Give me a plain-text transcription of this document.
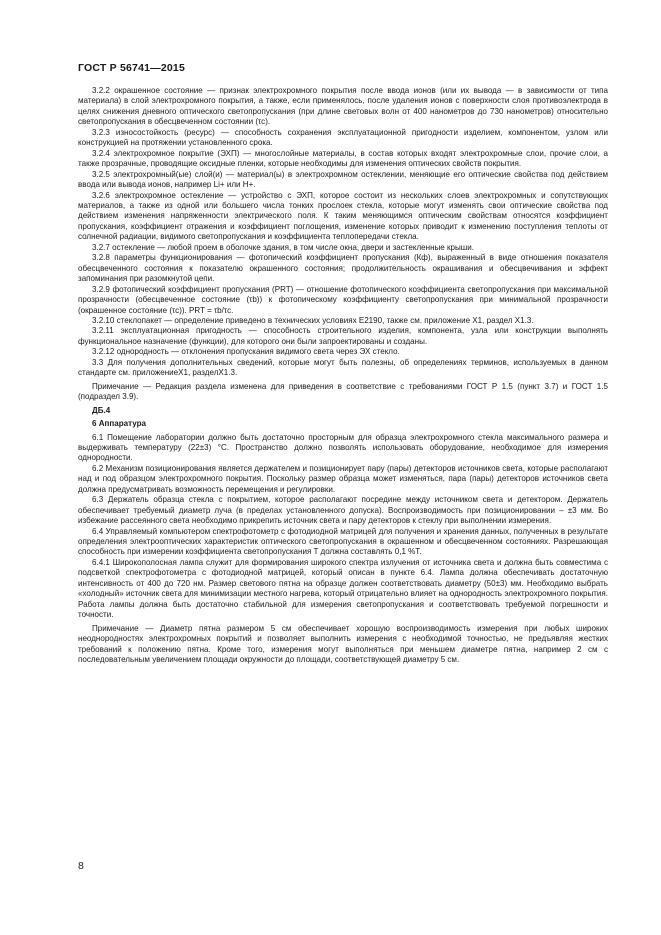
ГОСТ Р 56741—2015

3.2.2 окрашенное состояние — признак электрохромного покрытия после ввода ионов (или их вывода — в зависимости от типа материала) в слой электрохромного покрытия, а также, если применялось, после удаления ионов с поверхности слоя противоэлектрода в целях снижения дневного оптического светопропускания (при длине световых волн от 400 нанометров до 730 нанометров) относительно светопропускания в обесцвеченном состоянии (τc).

3.2.3 износостойкость (ресурс) — способность сохранения эксплуатационной пригодности изделием, компонентом, узлом или конструкцией на протяжении установленного срока.

3.2.4 электрохромное покрытие (ЭХП) — многослойные материалы, в состав которых входят электрохромные слои, прочие слои, а также прозрачные, проводящие оксидные пленки, которые необходимы для изменения оптических свойств покрытия.

3.2.5 электрохромный(ые) слой(и) — материал(ы) в электрохромном остеклении, меняющие его оптические свойства под действием ввода или вывода ионов, например Li+ или H+.

3.2.6 электрохромное остекление — устройство с ЭХП, которое состоит из нескольких слоев электрохромных и сопутствующих материалов, а также из одной или большего числа тонких прослоек стекла, которые могут изменять свои оптические свойства под действием изменения напряженности электрического поля. К таким меняющимся оптическим свойствам относятся коэффициент пропускания, коэффициент отражения и коэффициент поглощения, изменение которых приводит к изменению поступления теплоты от солнечной радиации, видимого светопропускания и коэффициента теплопередачи стекла.

3.2.7 остекление — любой проем в оболочке здания, в том числе окна, двери и застекленные крыши.

3.2.8 параметры функционирования — фотопический коэффициент пропускания (Кф), выраженный в виде отношения показателя обесцвеченного состояния к показателю окрашенного состояния; продолжительность окрашивания и обесцвечивания и эффект запоминания при разомкнутой цепи.

3.2.9 фотопический коэффициент пропускания (PRT) — отношение фотопического коэффициента светопропускания при максимальной прозрачности (обесцвеченное состояние (τb)) к фотопическому коэффициенту светопропускания при минимальной прозрачности (окрашенное состояние (τc)). PRT = τb/τc.

3.2.10 стеклопакет — определение приведено в технических условиях E2190, также см. приложение X1, раздел X1.3.

3.2.11 эксплуатационная пригодность — способность строительного изделия, компонента, узла или конструкции выполнять функциональное назначение (функции), для которого они были запроектированы и созданы.

3.2.12 однородность — отклонения пропускания видимого света через ЭХ стекло.

3.3 Для получения дополнительных сведений, которые могут быть полезны, об определениях терминов, используемых в данном стандарте см. приложениеX1, разделX1.3.

Примечание — Редакция раздела изменена для приведения в соответствие с требованиями ГОСТ Р 1.5 (пункт 3.7) и ГОСТ 1.5 (подраздел 3.9).

ДБ.4

6 Аппаратура

6.1 Помещение лаборатории должно быть достаточно просторным для образца электрохромного стекла максимального размера и выдерживать температуру (22±3) °C. Пространство должно позволять использовать оборудование, необходимое для измерения однородности.

6.2 Механизм позиционирования является держателем и позиционирует пару (пары) детекторов источников света, которые располагают над и под образцом электрохромного покрытия. Поскольку размер образца может изменяться, пара (пары) детекторов источников света должна предусматривать возможность перемещения и регулировки.

6.3 Держатель образца стекла с покрытием, которое располагают посредине между источником света и детектором. Держатель обеспечивает требуемый диаметр луча (в пределах установленного допуска). Воспроизводимость при позиционировании – ±3 мм. Во избежание рассеянного света необходимо прикрепить источник света и пару детекторов к стеклу при выполнении измерения.

6.4 Управляемый компьютером спектрофотометр с фотодиодной матрицей для получения и хранения данных, полученных в результате определения электрооптических характеристик оптического светопропускания в окрашенном и обесцвеченном состояниях. Разрешающая способность при измерении коэффициента светопропускания T должна составлять 0,1 %T.

6.4.1 Широкополосная лампа служит для формирования широкого спектра излучения от источника света и должна быть совместима с подсветкой спектрофотометра с фотодиодной матрицей, который описан в пункте 6.4. Лампа должна обеспечивать достаточную интенсивность от 400 до 720 нм. Размер светового пятна на образце должен соответствовать диаметру (50±3) мм. Необходимо выбрать «холодный» источник света для минимизации местного нагрева, который отрицательно влияет на однородность электрохромного покрытия. Работа лампы должна быть достаточно стабильной для измерения светопропускания и соответствовать требуемой погрешности и точности.

Примечание — Диаметр пятна размером 5 см обеспечивает хорошую воспроизводимость измерения при любых широких неоднородностях электрохромных покрытий и позволяет выполнить измерения с необходимой точностью, не предъявляя жестких требований к положению пятна. Кроме того, измерения могут выполняться при меньшем диаметре пятна, например 2 см с последовательным увеличением площади окружности до площади, соответствующей диаметру 5 см.

8
